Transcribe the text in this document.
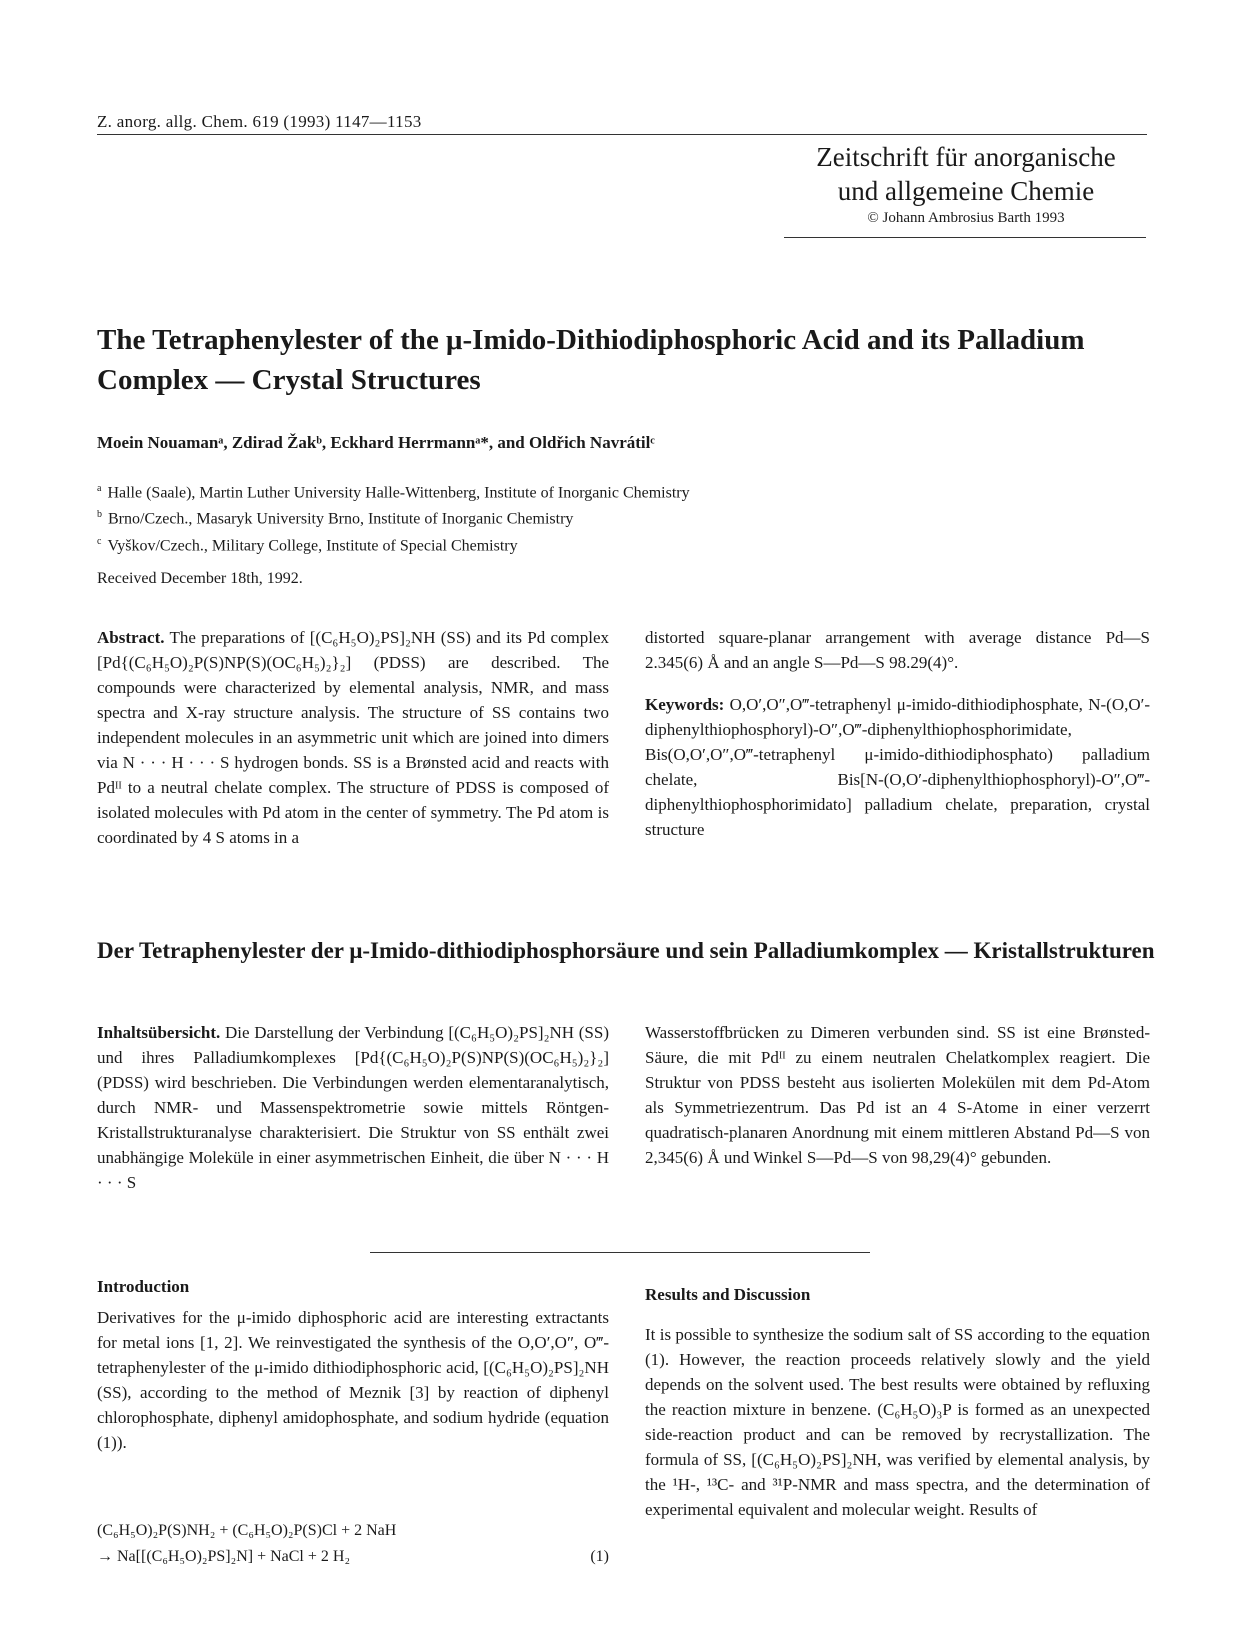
Z. anorg. allg. Chem. 619 (1993) 1147—1153
Zeitschrift für anorganische
und allgemeine Chemie
© Johann Ambrosius Barth 1993
The Tetraphenylester of the μ-Imido-Dithiodiphosphoric Acid and its Palladium Complex — Crystal Structures
Moein Nouamanᵃ, Zdirad Žakᵇ, Eckhard Herrmannᵃ*, and Oldřich Navrátilᶜ
$^a$ Halle (Saale), Martin Luther University Halle-Wittenberg, Institute of Inorganic Chemistry
$^b$ Brno/Czech., Masaryk University Brno, Institute of Inorganic Chemistry
$^c$ Vyškov/Czech., Military College, Institute of Special Chemistry
Received December 18th, 1992.
Abstract. The preparations of [(C₆H₅O)₂PS]₂NH (SS) and its Pd complex [Pd{(C₆H₅O)₂P(S)NP(S)(OC₆H₅)₂}₂] (PDSS) are described. The compounds were characterized by elemental analysis, NMR, and mass spectra and X-ray structure analysis. The structure of SS contains two independent molecules in an asymmetric unit which are joined into dimers via N · · · H · · · S hydrogen bonds. SS is a Brønsted acid and reacts with Pdᴵᴵ to a neutral chelate complex. The structure of PDSS is composed of isolated molecules with Pd atom in the center of symmetry. The Pd atom is coordinated by 4 S atoms in a
distorted square-planar arrangement with average distance Pd—S 2.345(6) Å and an angle S—Pd—S 98.29(4)°.
Keywords: O,O′,O″,O‴-tetraphenyl μ-imido-dithiodiphosphate, N-(O,O′-diphenylthiophosphoryl)-O″,O‴-diphenylthiophosphorimidate, Bis(O,O′,O″,O‴-tetraphenyl μ-imido-dithiodiphosphato) palladium chelate, Bis[N-(O,O′-diphenylthiophosphoryl)-O″,O‴-diphenylthiophosphorimidato] palladium chelate, preparation, crystal structure
Der Tetraphenylester der μ-Imido-dithiodiphosphorsäure und sein Palladiumkomplex — Kristallstrukturen
Inhaltsübersicht. Die Darstellung der Verbindung [(C₆H₅O)₂PS]₂NH (SS) und ihres Palladiumkomplexes [Pd{(C₆H₅O)₂P(S)NP(S)(OC₆H₅)₂}₂] (PDSS) wird beschrieben. Die Verbindungen werden elementaranalytisch, durch NMR- und Massenspektrometrie sowie mittels Röntgen-Kristallstrukturanalyse charakterisiert. Die Struktur von SS enthält zwei unabhängige Moleküle in einer asymmetrischen Einheit, die über N · · · H · · · S
Wasserstoffbrücken zu Dimeren verbunden sind. SS ist eine Brønsted-Säure, die mit Pdᴵᴵ zu einem neutralen Chelatkomplex reagiert. Die Struktur von PDSS besteht aus isolierten Molekülen mit dem Pd-Atom als Symmetriezentrum. Das Pd ist an 4 S-Atome in einer verzerrt quadratisch-planaren Anordnung mit einem mittleren Abstand Pd—S von 2,345(6) Å und Winkel S—Pd—S von 98,29(4)° gebunden.
Introduction
Derivatives for the μ-imido diphosphoric acid are interesting extractants for metal ions [1, 2]. We reinvestigated the synthesis of the O,O′,O″, O‴-tetraphenylester of the μ-imido dithiodiphosphoric acid, [(C₆H₅O)₂PS]₂NH (SS), according to the method of Meznik [3] by reaction of diphenyl chlorophosphate, diphenyl amidophosphate, and sodium hydride (equation (1)).
(C₆H₅O)₂P(S)NH₂ + (C₆H₅O)₂P(S)Cl + 2 NaH
→ Na[[(C₆H₅O)₂PS]₂N] + NaCl + 2 H₂	(1)
Results and Discussion
It is possible to synthesize the sodium salt of SS according to the equation (1). However, the reaction proceeds relatively slowly and the yield depends on the solvent used. The best results were obtained by refluxing the reaction mixture in benzene. (C₆H₅O)₃P is formed as an unexpected side-reaction product and can be removed by recrystallization. The formula of SS, [(C₆H₅O)₂PS]₂NH, was verified by elemental analysis, by the ¹H-, ¹³C- and ³¹P-NMR and mass spectra, and the determination of experimental equivalent and molecular weight. Results of
